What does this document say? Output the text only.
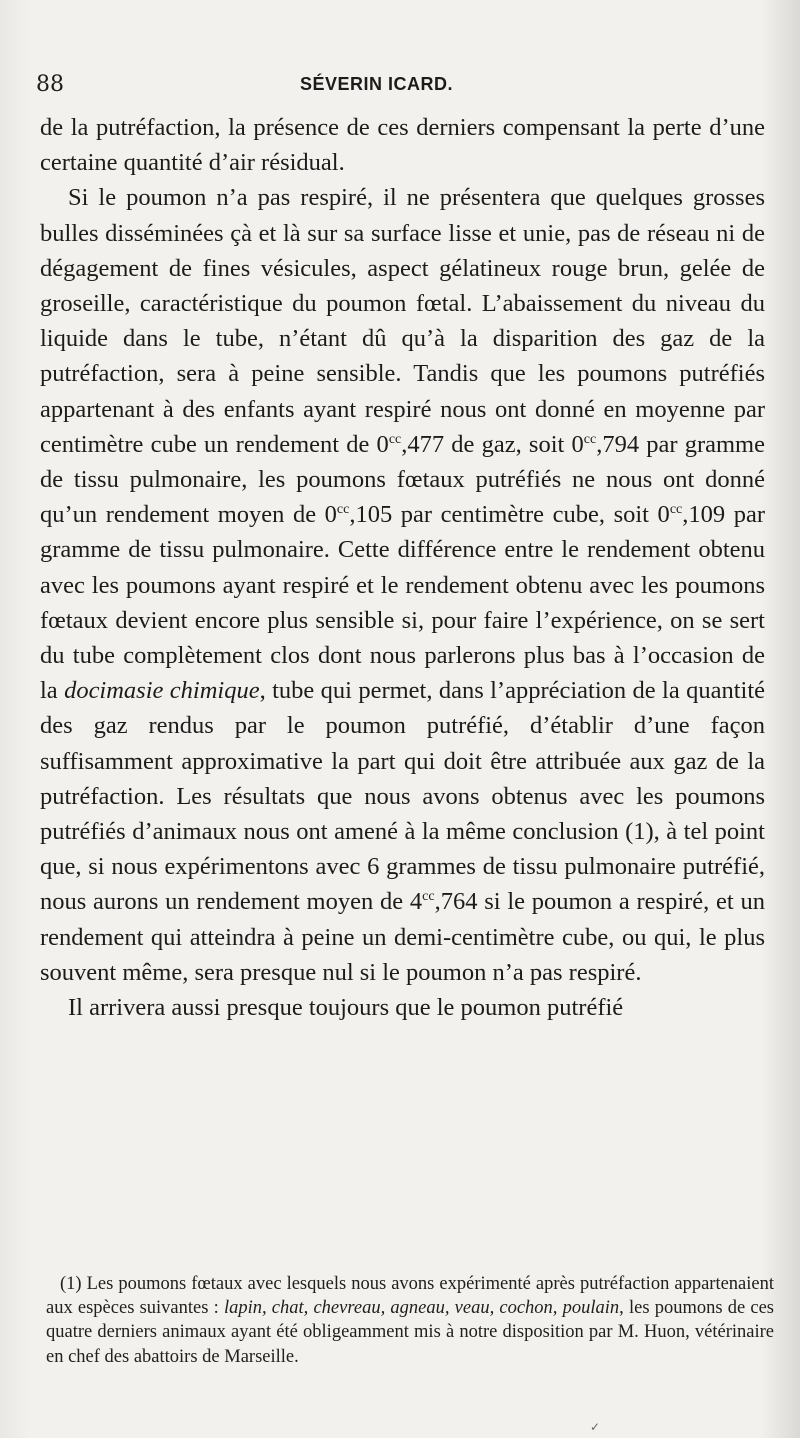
88	SÉVERIN ICARD.

de la putréfaction, la présence de ces derniers compensant la perte d’une certaine quantité d’air résidual.

Si le poumon n’a pas respiré, il ne présentera que quelques grosses bulles disséminées çà et là sur sa surface lisse et unie, pas de réseau ni de dégagement de fines vésicules, aspect gélatineux rouge brun, gelée de groseille, caractéristique du poumon fœtal. L’abaissement du niveau du liquide dans le tube, n’étant dû qu’à la disparition des gaz de la putréfaction, sera à peine sensible. Tandis que les poumons putréfiés appartenant à des enfants ayant respiré nous ont donné en moyenne par centimètre cube un rendement de $0^{cc},477$ de gaz, soit $0^{cc},794$ par gramme de tissu pulmonaire, les poumons fœtaux putréfiés ne nous ont donné qu’un rendement moyen de $0^{cc},105$ par centimètre cube, soit $0^{cc},109$ par gramme de tissu pulmonaire. Cette différence entre le rendement obtenu avec les poumons ayant respiré et le rendement obtenu avec les poumons fœtaux devient encore plus sensible si, pour faire l’expérience, on se sert du tube complètement clos dont nous parlerons plus bas à l’occasion de la docimasie chimique, tube qui permet, dans l’appréciation de la quantité des gaz rendus par le poumon putréfié, d’établir d’une façon suffisamment approximative la part qui doit être attribuée aux gaz de la putréfaction. Les résultats que nous avons obtenus avec les poumons putréfiés d’animaux nous ont amené à la même conclusion (1), à tel point que, si nous expérimentons avec 6 grammes de tissu pulmonaire putréfié, nous aurons un rendement moyen de $4^{cc},764$ si le poumon a respiré, et un rendement qui atteindra à peine un demi-centimètre cube, ou qui, le plus souvent même, sera presque nul si le poumon n’a pas respiré.

Il arrivera aussi presque toujours que le poumon putréfié

(1) Les poumons fœtaux avec lesquels nous avons expérimenté après putréfaction appartenaient aux espèces suivantes : lapin, chat, chevreau, agneau, veau, cochon, poulain, les poumons de ces quatre derniers animaux ayant été obligeamment mis à notre disposition par M. Huon, vétérinaire en chef des abattoirs de Marseille.

✓
